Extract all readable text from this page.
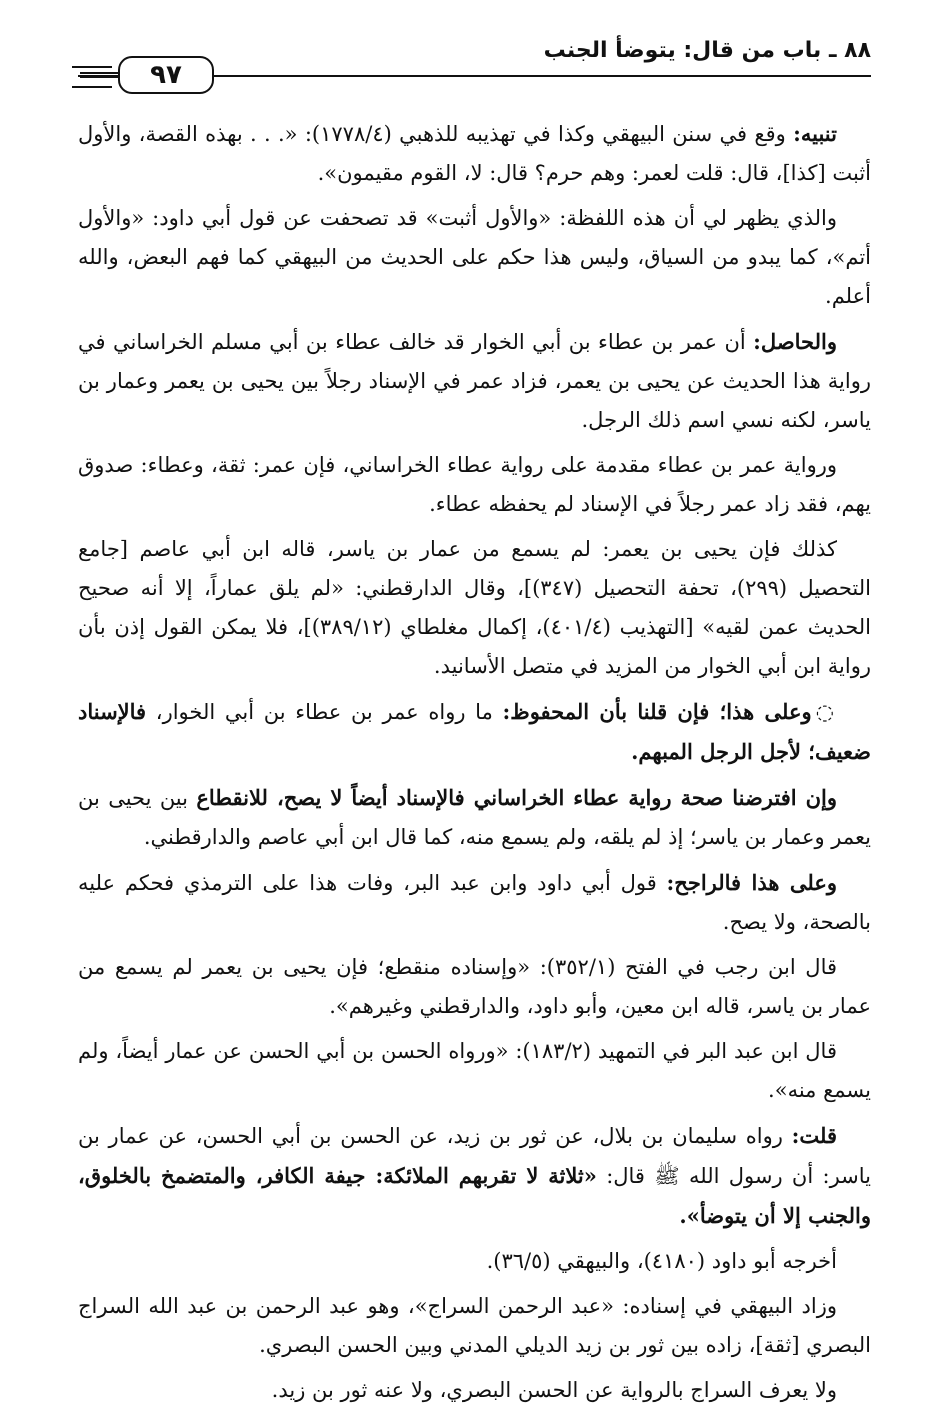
٨٨ ـ باب من قال: يتوضأ الجنب
٩٧

تنبيه: وقع في سنن البيهقي وكذا في تهذيبه للذهبي (١٧٧٨/٤): «. . . بهذه القصة، والأول أثبت [كذا]، قال: قلت لعمر: وهم حرم؟ قال: لا، القوم مقيمون».

والذي يظهر لي أن هذه اللفظة: «والأول أثبت» قد تصحفت عن قول أبي داود: «والأول أتم»، كما يبدو من السياق، وليس هذا حكم على الحديث من البيهقي كما فهم البعض، والله أعلم.

والحاصل: أن عمر بن عطاء بن أبي الخوار قد خالف عطاء بن أبي مسلم الخراساني في رواية هذا الحديث عن يحيى بن يعمر، فزاد عمر في الإسناد رجلاً بين يحيى بن يعمر وعمار بن ياسر، لكنه نسي اسم ذلك الرجل.

ورواية عمر بن عطاء مقدمة على رواية عطاء الخراساني، فإن عمر: ثقة، وعطاء: صدوق يهم، فقد زاد عمر رجلاً في الإسناد لم يحفظه عطاء.

كذلك فإن يحيى بن يعمر: لم يسمع من عمار بن ياسر، قاله ابن أبي عاصم [جامع التحصيل (٢٩٩)، تحفة التحصيل (٣٤٧)]، وقال الدارقطني: «لم يلق عماراً، إلا أنه صحيح الحديث عمن لقيه» [التهذيب (٤٠١/٤)، إكمال مغلطاي (٣٨٩/١٢)]، فلا يمكن القول إذن بأن رواية ابن أبي الخوار من المزيد في متصل الأسانيد.

◌وعلى هذا؛ فإن قلنا بأن المحفوظ: ما رواه عمر بن عطاء بن أبي الخوار، فالإسناد ضعيف؛ لأجل الرجل المبهم.

وإن افترضنا صحة رواية عطاء الخراساني فالإسناد أيضاً لا يصح، للانقطاع بين يحيى بن يعمر وعمار بن ياسر؛ إذ لم يلقه، ولم يسمع منه، كما قال ابن أبي عاصم والدارقطني.

وعلى هذا فالراجح: قول أبي داود وابن عبد البر، وفات هذا على الترمذي فحكم عليه بالصحة، ولا يصح.

قال ابن رجب في الفتح (٣٥٢/١): «وإسناده منقطع؛ فإن يحيى بن يعمر لم يسمع من عمار بن ياسر، قاله ابن معين، وأبو داود، والدارقطني وغيرهم».

قال ابن عبد البر في التمهيد (١٨٣/٢): «ورواه الحسن بن أبي الحسن عن عمار أيضاً، ولم يسمع منه».

قلت: رواه سليمان بن بلال، عن ثور بن زيد، عن الحسن بن أبي الحسن، عن عمار بن ياسر: أن رسول الله ﷺ قال: «ثلاثة لا تقربهم الملائكة: جيفة الكافر، والمتضمخ بالخلوق، والجنب إلا أن يتوضأ».

أخرجه أبو داود (٤١٨٠)، والبيهقي (٣٦/٥).

وزاد البيهقي في إسناده: «عبد الرحمن السراج»، وهو عبد الرحمن بن عبد الله السراج البصري [ثقة]، زاده بين ثور بن زيد الديلي المدني وبين الحسن البصري.

ولا يعرف السراج بالرواية عن الحسن البصري، ولا عنه ثور بن زيد.
